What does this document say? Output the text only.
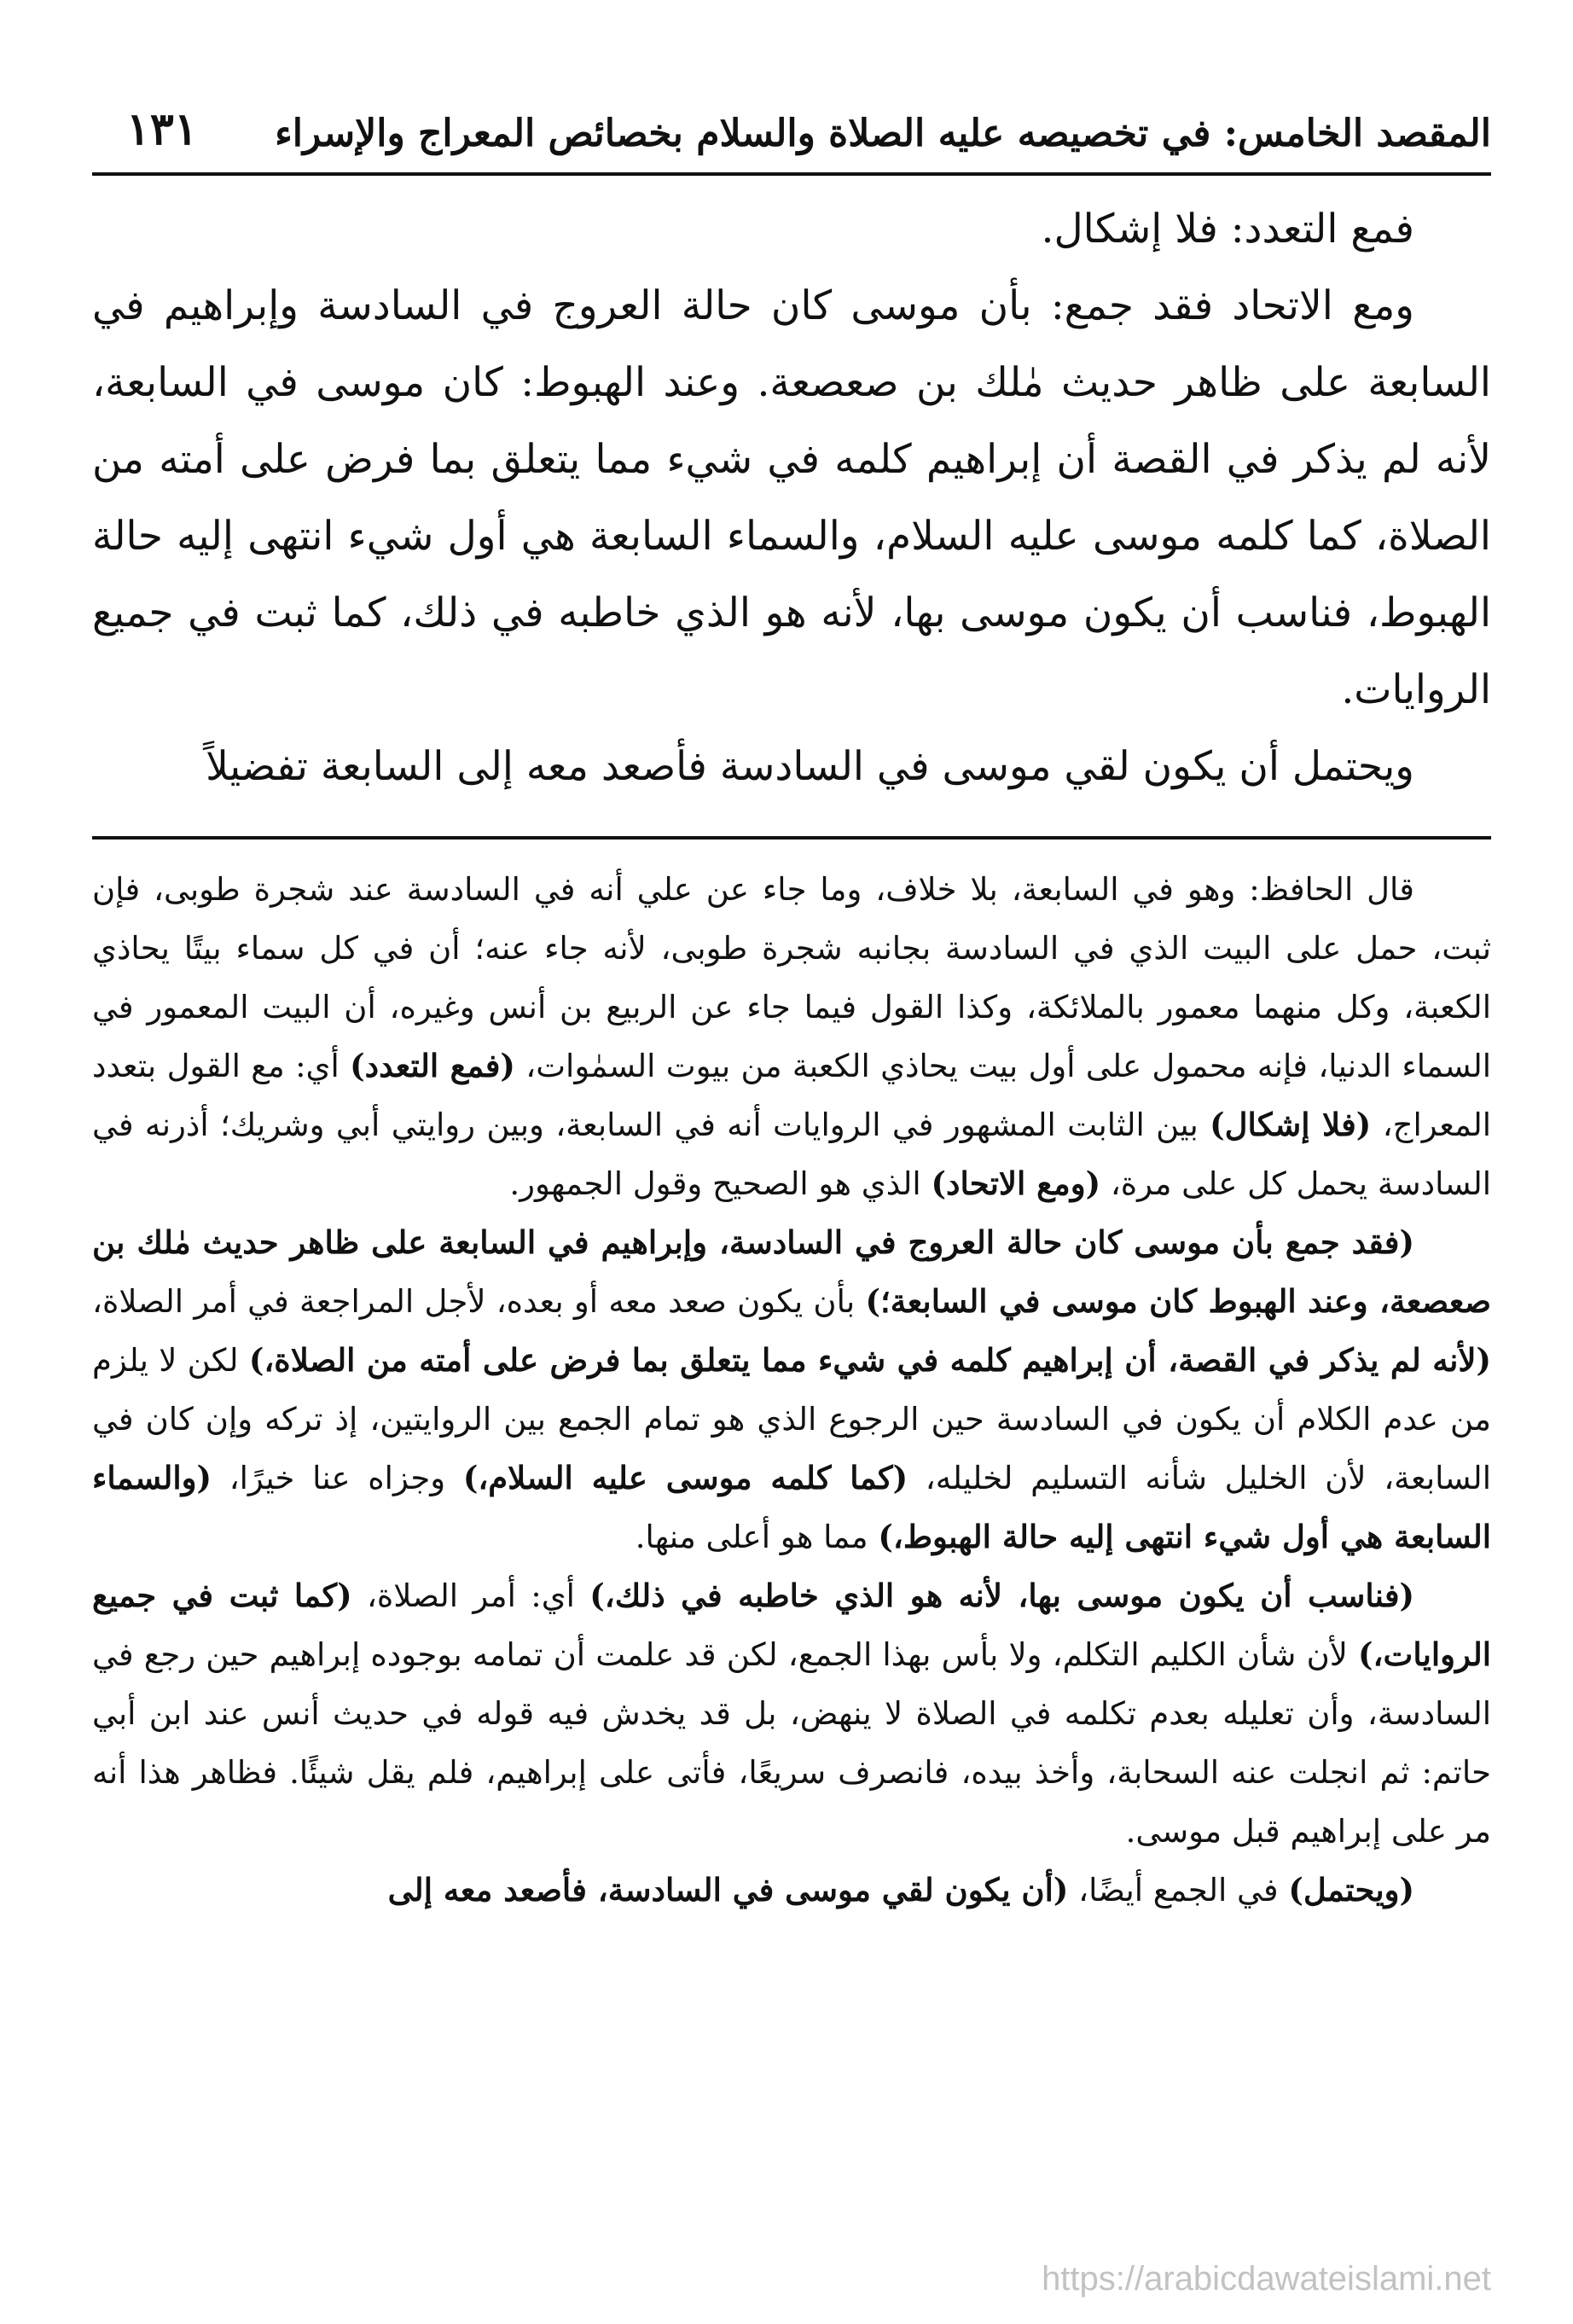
المقصد الخامس: في تخصيصه عليه الصلاة والسلام بخصائص المعراج والإسراء
١٣١

فمع التعدد: فلا إشكال.

ومع الاتحاد فقد جمع: بأن موسى كان حالة العروج في السادسة وإبراهيم في السابعة على ظاهر حديث مٰلك بن صعصعة. وعند الهبوط: كان موسى في السابعة، لأنه لم يذكر في القصة أن إبراهيم كلمه في شيء مما يتعلق بما فرض على أمته من الصلاة، كما كلمه موسى عليه السلام، والسماء السابعة هي أول شيء انتهى إليه حالة الهبوط، فناسب أن يكون موسى بها، لأنه هو الذي خاطبه في ذلك، كما ثبت في جميع الروايات.

ويحتمل أن يكون لقي موسى في السادسة فأصعد معه إلى السابعة تفضيلاً

قال الحافظ: وهو في السابعة، بلا خلاف، وما جاء عن علي أنه في السادسة عند شجرة طوبى، فإن ثبت، حمل على البيت الذي في السادسة بجانبه شجرة طوبى، لأنه جاء عنه؛ أن في كل سماء بيتًا يحاذي الكعبة، وكل منهما معمور بالملائكة، وكذا القول فيما جاء عن الربيع بن أنس وغيره، أن البيت المعمور في السماء الدنيا، فإنه محمول على أول بيت يحاذي الكعبة من بيوت السمٰوات، (فمع التعدد) أي: مع القول بتعدد المعراج، (فلا إشكال) بين الثابت المشهور في الروايات أنه في السابعة، وبين روايتي أبي وشريك؛ أذرنه في السادسة يحمل كل على مرة، (ومع الاتحاد) الذي هو الصحيح وقول الجمهور.

(فقد جمع بأن موسى كان حالة العروج في السادسة، وإبراهيم في السابعة على ظاهر حديث مٰلك بن صعصعة، وعند الهبوط كان موسى في السابعة؛) بأن يكون صعد معه أو بعده، لأجل المراجعة في أمر الصلاة، (لأنه لم يذكر في القصة، أن إبراهيم كلمه في شيء مما يتعلق بما فرض على أمته من الصلاة،) لكن لا يلزم من عدم الكلام أن يكون في السادسة حين الرجوع الذي هو تمام الجمع بين الروايتين، إذ تركه وإن كان في السابعة، لأن الخليل شأنه التسليم لخليله، (كما كلمه موسى عليه السلام،) وجزاه عنا خيرًا، (والسماء السابعة هي أول شيء انتهى إليه حالة الهبوط،) مما هو أعلى منها.

(فناسب أن يكون موسى بها، لأنه هو الذي خاطبه في ذلك،) أي: أمر الصلاة، (كما ثبت في جميع الروايات،) لأن شأن الكليم التكلم، ولا بأس بهذا الجمع، لكن قد علمت أن تمامه بوجوده إبراهيم حين رجع في السادسة، وأن تعليله بعدم تكلمه في الصلاة لا ينهض، بل قد يخدش فيه قوله في حديث أنس عند ابن أبي حاتم: ثم انجلت عنه السحابة، وأخذ بيده، فانصرف سريعًا، فأتى على إبراهيم، فلم يقل شيئًا. فظاهر هذا أنه مر على إبراهيم قبل موسى.

(ويحتمل) في الجمع أيضًا، (أن يكون لقي موسى في السادسة، فأصعد معه إلى

https://arabicdawateislami.net
